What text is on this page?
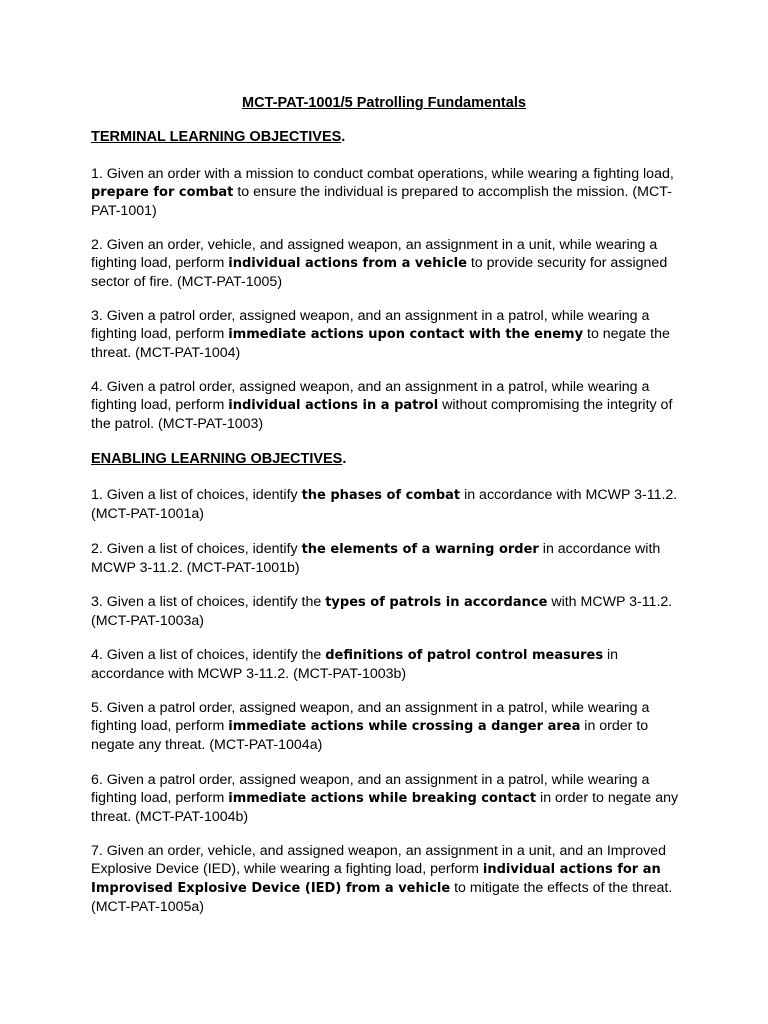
MCT-PAT-1001/5 Patrolling Fundamentals
TERMINAL LEARNING OBJECTIVES.
1. Given an order with a mission to conduct combat operations, while wearing a fighting load, prepare for combat to ensure the individual is prepared to accomplish the mission. (MCT-PAT-1001)
2. Given an order, vehicle, and assigned weapon, an assignment in a unit, while wearing a fighting load, perform individual actions from a vehicle to provide security for assigned sector of fire. (MCT-PAT-1005)
3. Given a patrol order, assigned weapon, and an assignment in a patrol, while wearing a fighting load, perform immediate actions upon contact with the enemy to negate the threat. (MCT-PAT-1004)
4. Given a patrol order, assigned weapon, and an assignment in a patrol, while wearing a fighting load, perform individual actions in a patrol without compromising the integrity of the patrol. (MCT-PAT-1003)
ENABLING LEARNING OBJECTIVES.
1. Given a list of choices, identify the phases of combat in accordance with MCWP 3-11.2. (MCT-PAT-1001a)
2. Given a list of choices, identify the elements of a warning order in accordance with MCWP 3-11.2. (MCT-PAT-1001b)
3. Given a list of choices, identify the types of patrols in accordance with MCWP 3-11.2. (MCT-PAT-1003a)
4. Given a list of choices, identify the definitions of patrol control measures in accordance with MCWP 3-11.2. (MCT-PAT-1003b)
5. Given a patrol order, assigned weapon, and an assignment in a patrol, while wearing a fighting load, perform immediate actions while crossing a danger area in order to negate any threat. (MCT-PAT-1004a)
6. Given a patrol order, assigned weapon, and an assignment in a patrol, while wearing a fighting load, perform immediate actions while breaking contact in order to negate any threat. (MCT-PAT-1004b)
7. Given an order, vehicle, and assigned weapon, an assignment in a unit, and an Improved Explosive Device (IED), while wearing a fighting load, perform individual actions for an Improvised Explosive Device (IED) from a vehicle to mitigate the effects of the threat. (MCT-PAT-1005a)
